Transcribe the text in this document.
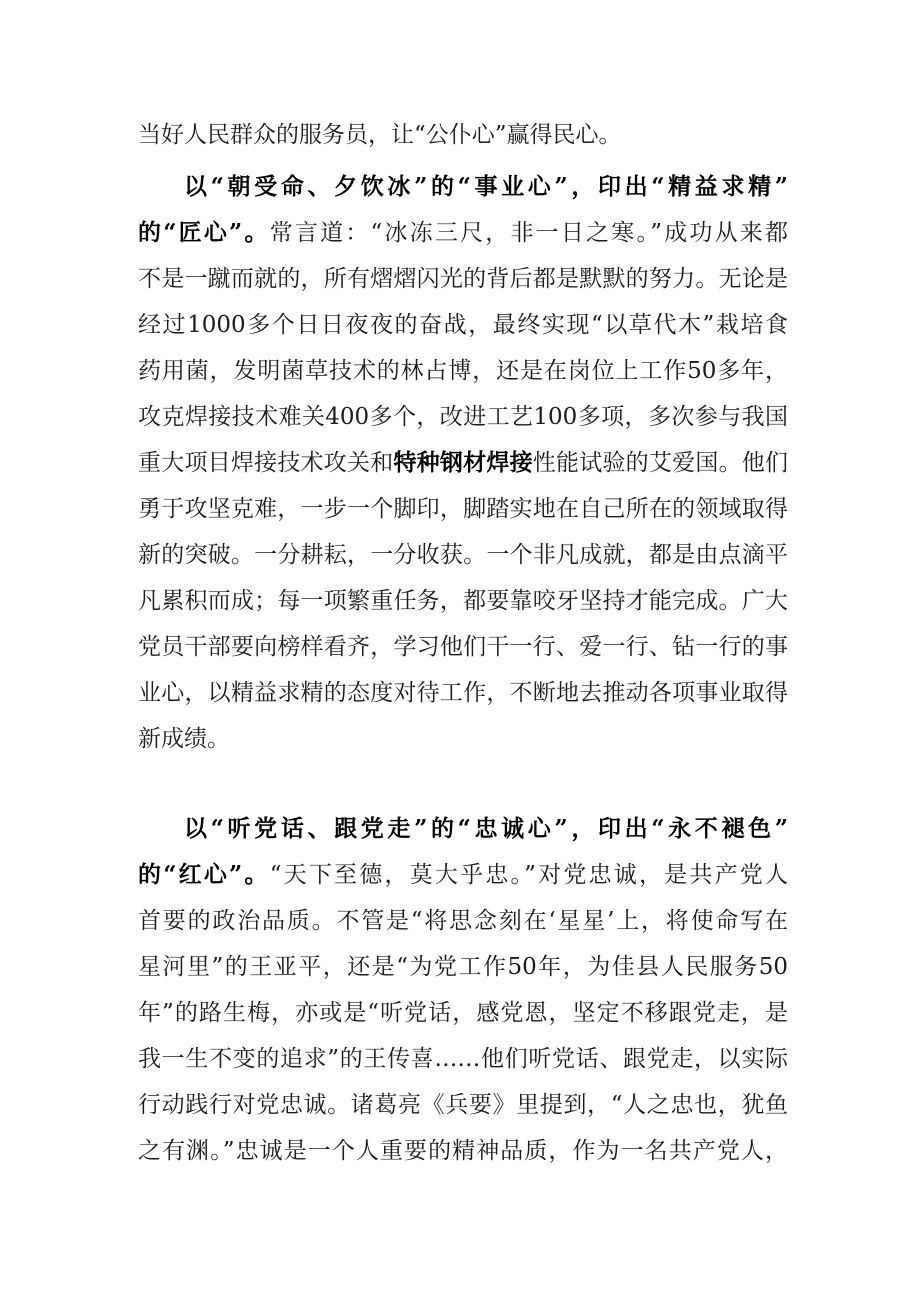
当好人民群众的服务员，让“公仆心”赢得民心。
以“朝受命、夕饮冰”的“事业心”，印出“精益求精”
的“匠心”。常言道：“冰冻三尺，非一日之寒。”成功从来都
不是一蹴而就的，所有熠熠闪光的背后都是默默的努力。无论是
经过1000多个日日夜夜的奋战，最终实现“以草代木”栽培食
药用菌，发明菌草技术的林占博，还是在岗位上工作50多年，
攻克焊接技术难关400多个，改进工艺100多项，多次参与我国
重大项目焊接技术攻关和特种钢材焊接性能试验的艾爱国。他们
勇于攻坚克难，一步一个脚印，脚踏实地在自己所在的领域取得
新的突破。一分耕耘，一分收获。一个非凡成就，都是由点滴平
凡累积而成；每一项繁重任务，都要靠咬牙坚持才能完成。广大
党员干部要向榜样看齐，学习他们干一行、爱一行、钻一行的事
业心，以精益求精的态度对待工作，不断地去推动各项事业取得
新成绩。
以“听党话、跟党走”的“忠诚心”，印出“永不褪色”
的“红心”。“天下至德，莫大乎忠。”对党忠诚，是共产党人
首要的政治品质。不管是“将思念刻在‘星星’上，将使命写在
星河里”的王亚平，还是“为党工作50年，为佳县人民服务50
年”的路生梅，亦或是“听党话，感党恩，坚定不移跟党走，是
我一生不变的追求”的王传喜……他们听党话、跟党走，以实际
行动践行对党忠诚。诸葛亮《兵要》里提到，“人之忠也，犹鱼
之有渊。”忠诚是一个人重要的精神品质，作为一名共产党人，
